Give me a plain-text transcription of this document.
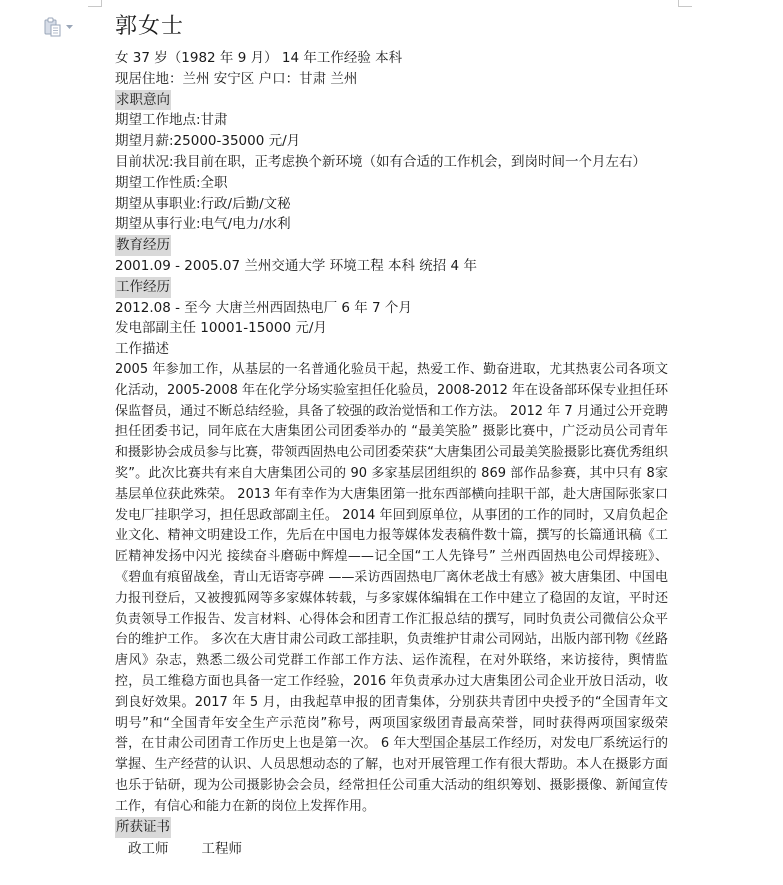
郭女士
女 37 岁（1982 年 9 月） 14 年工作经验 本科
现居住地：兰州 安宁区 户口：甘肃 兰州
求职意向
期望工作地点:甘肃
期望月薪:25000-35000 元/月
目前状况:我目前在职，正考虑换个新环境（如有合适的工作机会，到岗时间一个月左右）
期望工作性质:全职
期望从事职业:行政/后勤/文秘
期望从事行业:电气/电力/水利
教育经历
2001.09 - 2005.07 兰州交通大学 环境工程 本科 统招 4 年
工作经历
2012.08 - 至今 大唐兰州西固热电厂 6 年 7 个月
发电部副主任 10001-15000 元/月
工作描述
2005 年参加工作，从基层的一名普通化验员干起，热爱工作、勤奋进取，尤其热衷公司各项文化活动，2005-2008 年在化学分场实验室担任化验员，2008-2012 年在设备部环保专业担任环保监督员，通过不断总结经验，具备了较强的政治觉悟和工作方法。 2012 年 7 月通过公开竞聘担任团委书记，同年底在大唐集团公司团委举办的 “最美笑脸” 摄影比赛中，广泛动员公司青年和摄影协会成员参与比赛，带领西固热电公司团委荣获“大唐集团公司最美笑脸摄影比赛优秀组织奖”。此次比赛共有来自大唐集团公司的 90 多家基层团组织的 869 部作品参赛，其中只有 8家基层单位获此殊荣。 2013 年有幸作为大唐集团第一批东西部横向挂职干部，赴大唐国际张家口发电厂挂职学习，担任思政部副主任。 2014 年回到原单位，从事团的工作的同时，又肩负起企业文化、精神文明建设工作，先后在中国电力报等媒体发表稿件数十篇，撰写的长篇通讯稿《工匠精神发扬中闪光 接续奋斗磨砺中辉煌——记全国“工人先锋号” 兰州西固热电公司焊接班》、《碧血有痕留战垒，青山无语寄亭碑 ——采访西固热电厂离休老战士有感》被大唐集团、中国电力报刊登后，又被搜狐网等多家媒体转载，与多家媒体编辑在工作中建立了稳固的友谊，平时还负责领导工作报告、发言材料、心得体会和团青工作汇报总结的撰写，同时负责公司微信公众平台的维护工作。 多次在大唐甘肃公司政工部挂职，负责维护甘肃公司网站，出版内部刊物《丝路唐风》杂志，熟悉二级公司党群工作部工作方法、运作流程，在对外联络，来访接待，舆情监控，员工维稳方面也具备一定工作经验，2016 年负责承办过大唐集团公司企业开放日活动，收到良好效果。2017 年 5 月，由我起草申报的团青集体，分别获共青团中央授予的“全国青年文明号”和“全国青年安全生产示范岗”称号，两项国家级团青最高荣誉，同时获得两项国家级荣誉，在甘肃公司团青工作历史上也是第一次。 6 年大型国企基层工作经历，对发电厂系统运行的掌握、生产经营的认识、人员思想动态的了解，也对开展管理工作有很大帮助。本人在摄影方面也乐于钻研，现为公司摄影协会会员，经常担任公司重大活动的组织筹划、摄影摄像、新闻宣传工作，有信心和能力在新的岗位上发挥作用。
所获证书
政工师 工程师
